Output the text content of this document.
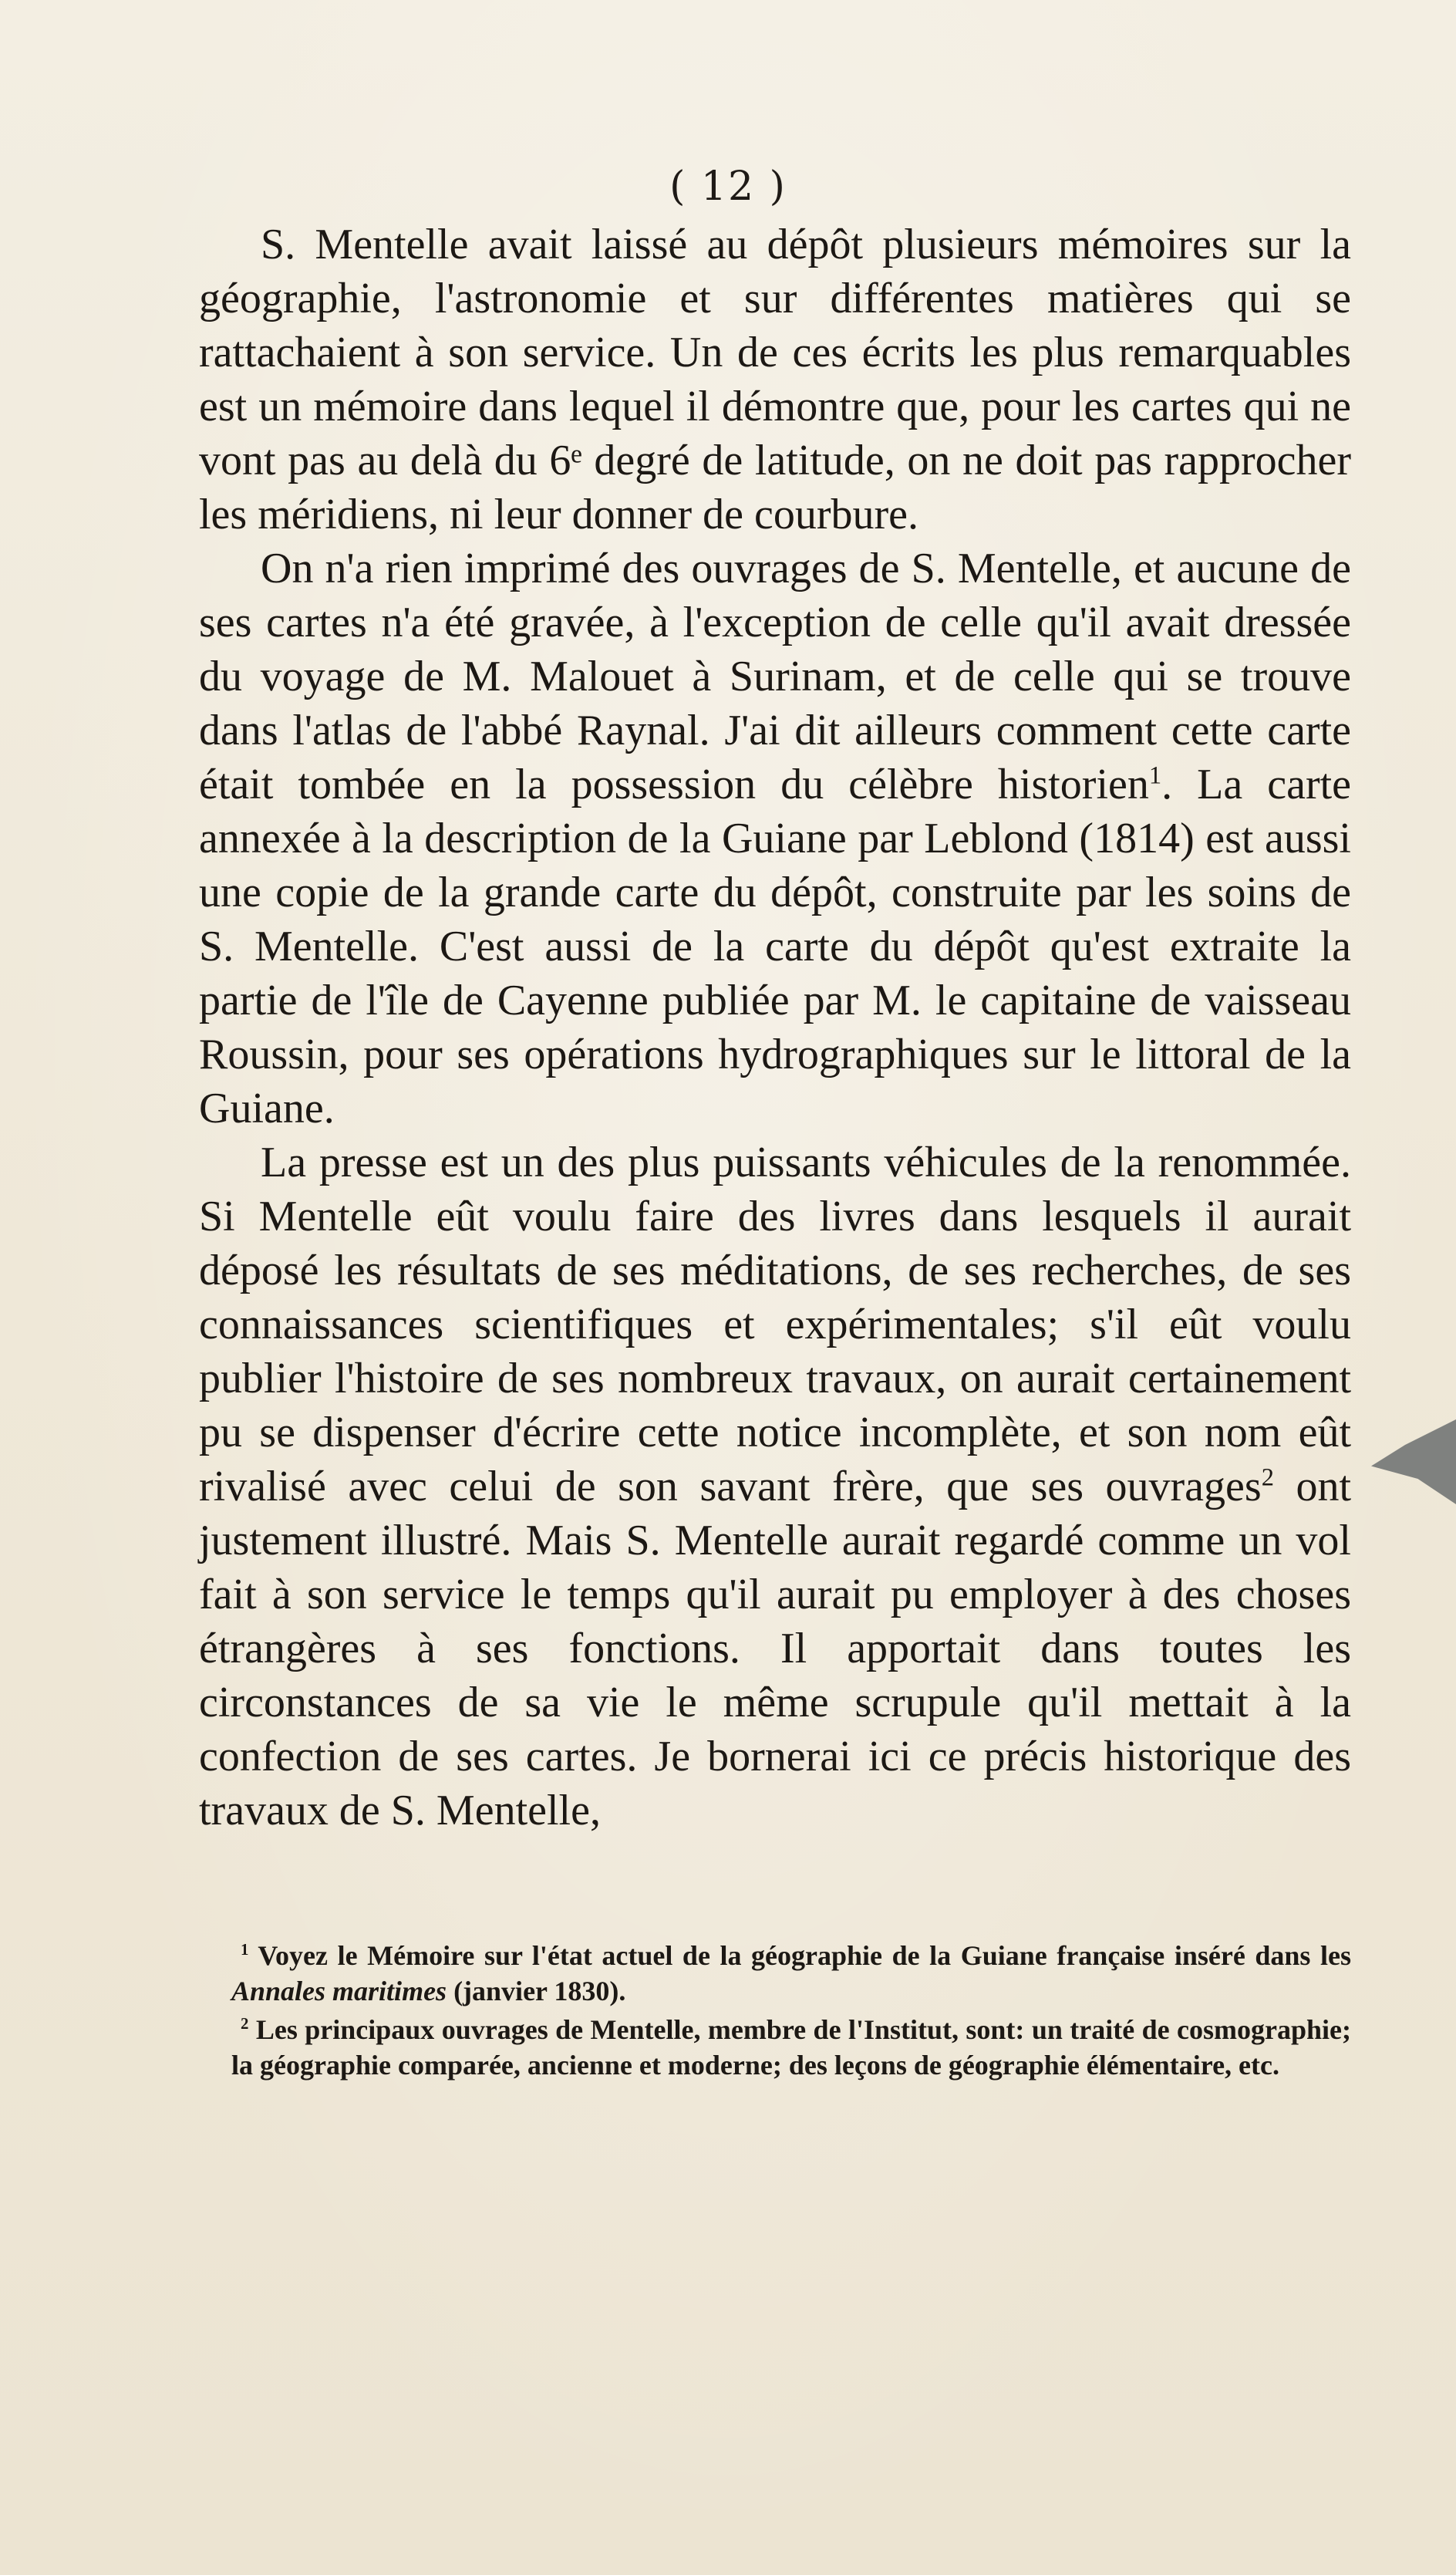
( 12 )

S. Mentelle avait laissé au dépôt plusieurs mémoires sur la géographie, l'astronomie et sur différentes matières qui se rattachaient à son service. Un de ces écrits les plus remarquables est un mémoire dans lequel il démontre que, pour les cartes qui ne vont pas au delà du 6ᵉ degré de latitude, on ne doit pas rapprocher les méridiens, ni leur donner de courbure.

On n'a rien imprimé des ouvrages de S. Mentelle, et aucune de ses cartes n'a été gravée, à l'exception de celle qu'il avait dressée du voyage de M. Malouet à Surinam, et de celle qui se trouve dans l'atlas de l'abbé Raynal. J'ai dit ailleurs comment cette carte était tombée en la possession du célèbre historien$^1$. La carte annexée à la description de la Guiane par Leblond (1814) est aussi une copie de la grande carte du dépôt, construite par les soins de S. Mentelle. C'est aussi de la carte du dépôt qu'est extraite la partie de l'île de Cayenne publiée par M. le capitaine de vaisseau Roussin, pour ses opérations hydrographiques sur le littoral de la Guiane.

La presse est un des plus puissants véhicules de la renommée. Si Mentelle eût voulu faire des livres dans lesquels il aurait déposé les résultats de ses méditations, de ses recherches, de ses connaissances scientifiques et expérimentales; s'il eût voulu publier l'histoire de ses nombreux travaux, on aurait certainement pu se dispenser d'écrire cette notice incomplète, et son nom eût rivalisé avec celui de son savant frère, que ses ouvrages$^2$ ont justement illustré. Mais S. Mentelle aurait regardé comme un vol fait à son service le temps qu'il aurait pu employer à des choses étrangères à ses fonctions. Il apportait dans toutes les circonstances de sa vie le même scrupule qu'il mettait à la confection de ses cartes. Je bornerai ici ce précis historique des travaux de S. Mentelle,

$^1$ Voyez le Mémoire sur l'état actuel de la géographie de la Guiane française inséré dans les Annales maritimes (janvier 1830).

$^2$ Les principaux ouvrages de Mentelle, membre de l'Institut, sont: un traité de cosmographie; la géographie comparée, ancienne et moderne; des leçons de géographie élémentaire, etc.
